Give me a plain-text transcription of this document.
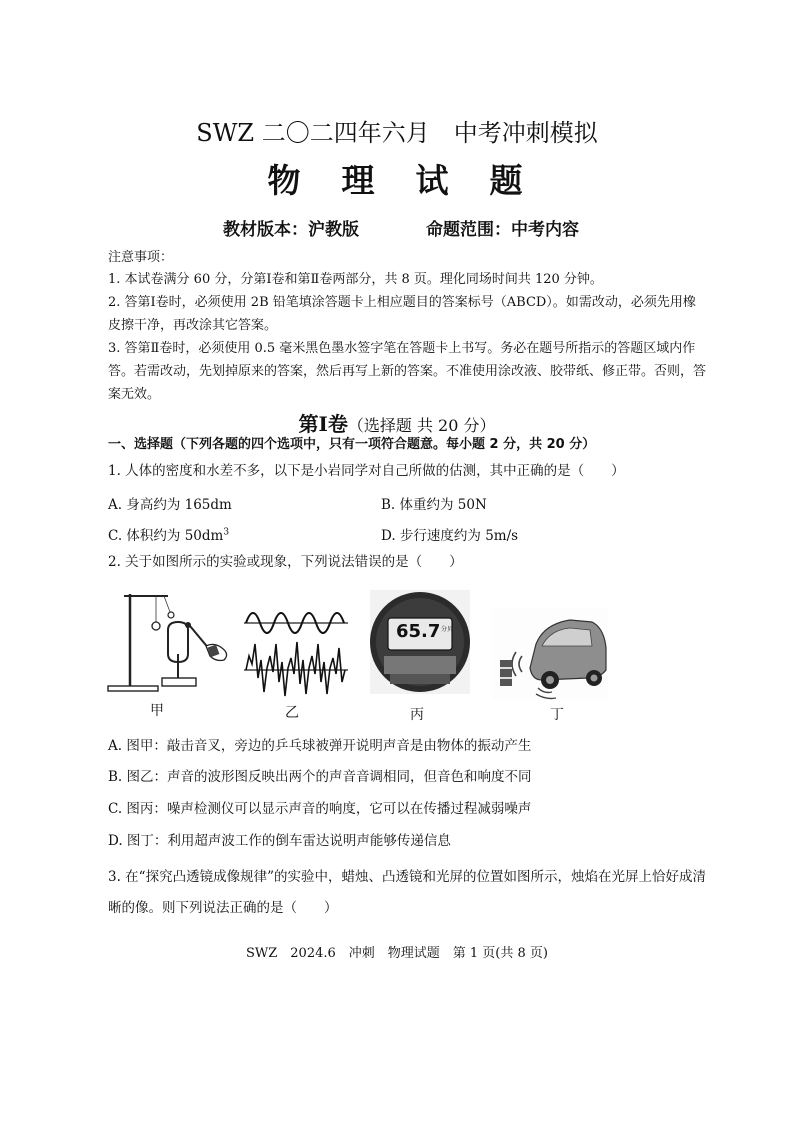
SWZ 二〇二四年六月　中考冲刺模拟
物　理　试　题
教材版本：沪教版	命题范围：中考内容
注意事项：
1. 本试卷满分 60 分，分第Ⅰ卷和第Ⅱ卷两部分，共 8 页。理化同场时间共 120 分钟。
2. 答第Ⅰ卷时，必须使用 2B 铅笔填涂答题卡上相应题目的答案标号（ABCD）。如需改动，必须先用橡皮擦干净，再改涂其它答案。
3. 答第Ⅱ卷时，必须使用 0.5 毫米黑色墨水签字笔在答题卡上书写。务必在题号所指示的答题区域内作答。若需改动，先划掉原来的答案，然后再写上新的答案。不准使用涂改液、胶带纸、修正带。否则，答案无效。
第Ⅰ卷（选择题 共 20 分）
一、选择题（下列各题的四个选项中，只有一项符合题意。每小题 2 分，共 20 分）
1. 人体的密度和水差不多，以下是小岩同学对自己所做的估测，其中正确的是（　　）
A. 身高约为 165dm	B. 体重约为 50N
C. 体积约为 $50dm^3$	D. 步行速度约为 5m/s
2. 关于如图所示的实验或现象，下列说法错误的是（　　）
甲	乙
65.7 分贝
丙	丁
A. 图甲：敲击音叉，旁边的乒乓球被弹开说明声音是由物体的振动产生
B. 图乙：声音的波形图反映出两个的声音音调相同，但音色和响度不同
C. 图丙：噪声检测仪可以显示声音的响度，它可以在传播过程减弱噪声
D. 图丁：利用超声波工作的倒车雷达说明声能够传递信息
3. 在“探究凸透镜成像规律”的实验中，蜡烛、凸透镜和光屏的位置如图所示，烛焰在光屏上恰好成清晰的像。则下列说法正确的是（　　）
SWZ　2024.6　冲刺　物理试题　第 1 页(共 8 页)
